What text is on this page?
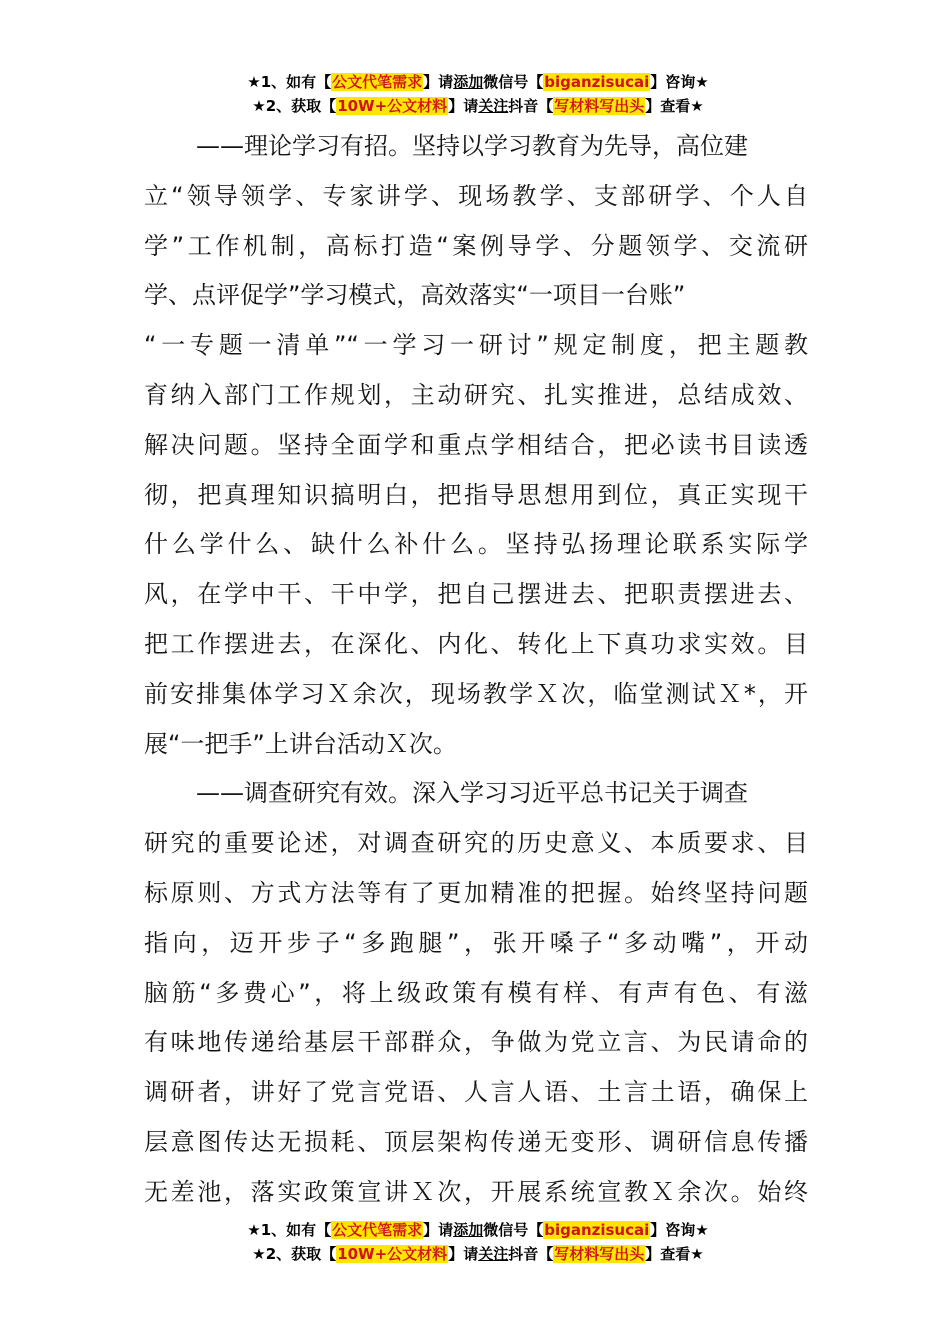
★1、如有【公文代笔需求】请添加微信号【biganzisucai】咨询★
★2、获取【10W+公文材料】请关注抖音【写材料写出头】查看★
——理论学习有招。坚持以学习教育为先导，高位建
立“领导领学、专家讲学、现场教学、支部研学、个人自
学”工作机制，高标打造“案例导学、分题领学、交流研
学、点评促学”学习模式，高效落实“一项目一台账”
“一专题一清单”“一学习一研讨”规定制度，把主题教
育纳入部门工作规划，主动研究、扎实推进，总结成效、
解决问题。坚持全面学和重点学相结合，把必读书目读透
彻，把真理知识搞明白，把指导思想用到位，真正实现干
什么学什么、缺什么补什么。坚持弘扬理论联系实际学
风，在学中干、干中学，把自己摆进去、把职责摆进去、
把工作摆进去，在深化、内化、转化上下真功求实效。目
前安排集体学习Ｘ余次，现场教学Ｘ次，临堂测试Ｘ*，开
展“一把手”上讲台活动Ｘ次。
——调查研究有效。深入学习习近平总书记关于调查
研究的重要论述，对调查研究的历史意义、本质要求、目
标原则、方式方法等有了更加精准的把握。始终坚持问题
指向，迈开步子“多跑腿”，张开嗓子“多动嘴”，开动
脑筋“多费心”，将上级政策有模有样、有声有色、有滋
有味地传递给基层干部群众，争做为党立言、为民请命的
调研者，讲好了党言党语、人言人语、土言土语，确保上
层意图传达无损耗、顶层架构传递无变形、调研信息传播
无差池，落实政策宣讲Ｘ次，开展系统宣教Ｘ余次。始终
★1、如有【公文代笔需求】请添加微信号【biganzisucai】咨询★
★2、获取【10W+公文材料】请关注抖音【写材料写出头】查看★
